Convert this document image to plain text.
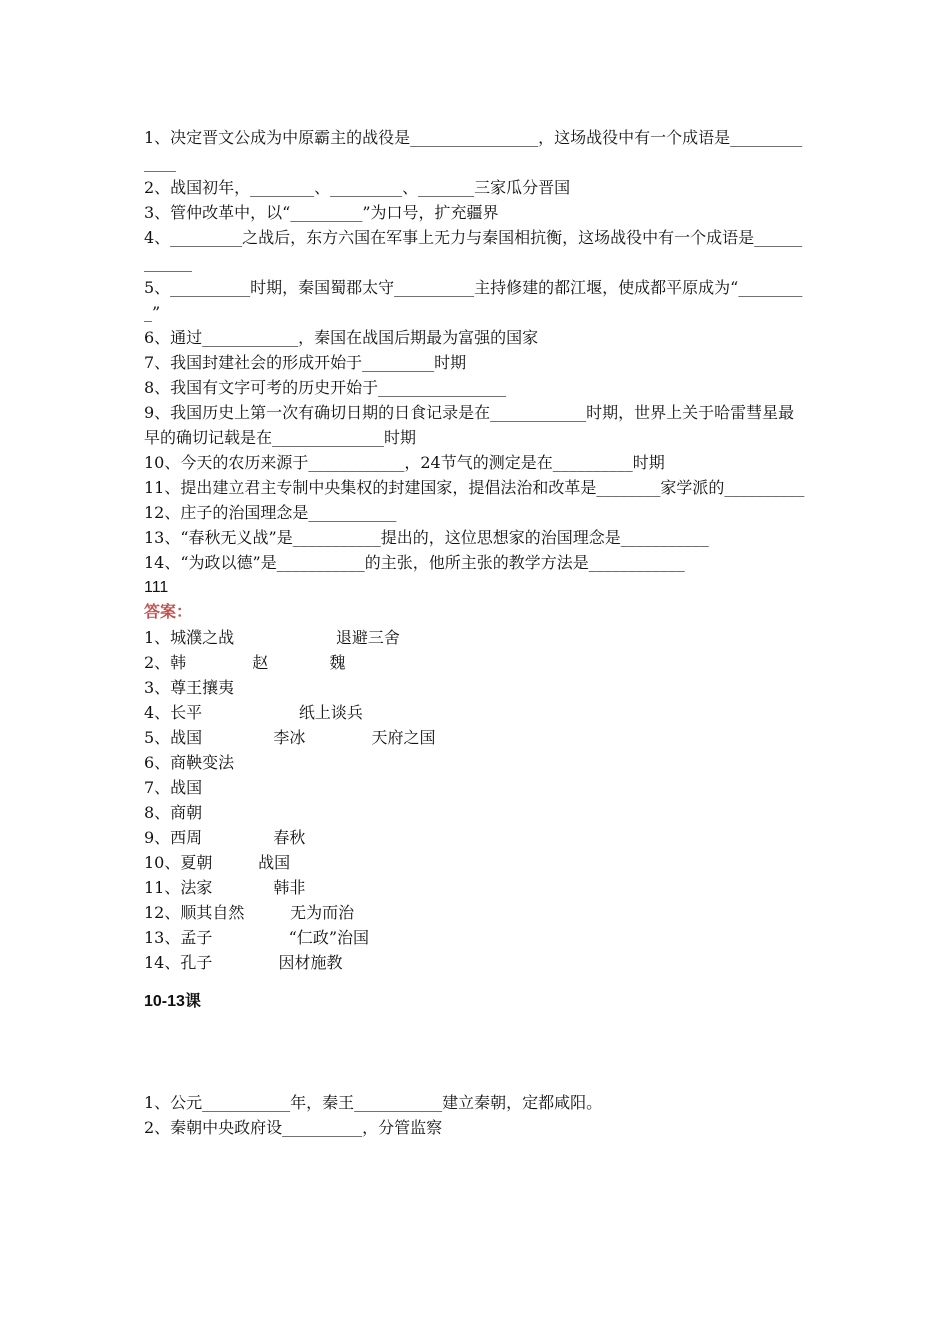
1、决定晋文公成为中原霸主的战役是________________，这场战役中有一个成语是_____________
2、战国初年，________、_________、_______三家瓜分晋国
3、管仲改革中，以“_________”为口号，扩充疆界
4、_________之战后，东方六国在军事上无力与秦国相抗衡，这场战役中有一个成语是____________
5、__________时期，秦国蜀郡太守__________主持修建的都江堰，使成都平原成为“_________”
6、通过____________，秦国在战国后期最为富强的国家
7、我国封建社会的形成开始于_________时期
8、我国有文字可考的历史开始于________________
9、我国历史上第一次有确切日期的日食记录是在____________时期，世界上关于哈雷彗星最早的确切记载是在______________时期
10、今天的农历来源于____________，24节气的测定是在__________时期
11、提出建立君主专制中央集权的封建国家，提倡法治和改革是________家学派的__________
12、庄子的治国理念是___________
13、“春秋无义战”是___________提出的，这位思想家的治国理念是___________
14、“为政以德”是___________的主张，他所主张的教学方法是____________
111
答案：
1、城濮之战                    退避三舍
2、韩             赵            魏
3、尊王攘夷
4、长平                   纸上谈兵
5、战国              李冰             天府之国
6、商鞅变法
7、战国
8、商朝
9、西周              春秋
10、夏朝         战国
11、法家            韩非
12、顺其自然         无为而治
13、孟子               “仁政”治国
14、孔子             因材施教
10-13课
1、公元___________年，秦王___________建立秦朝，定都咸阳。
2、秦朝中央政府设__________，分管监察
